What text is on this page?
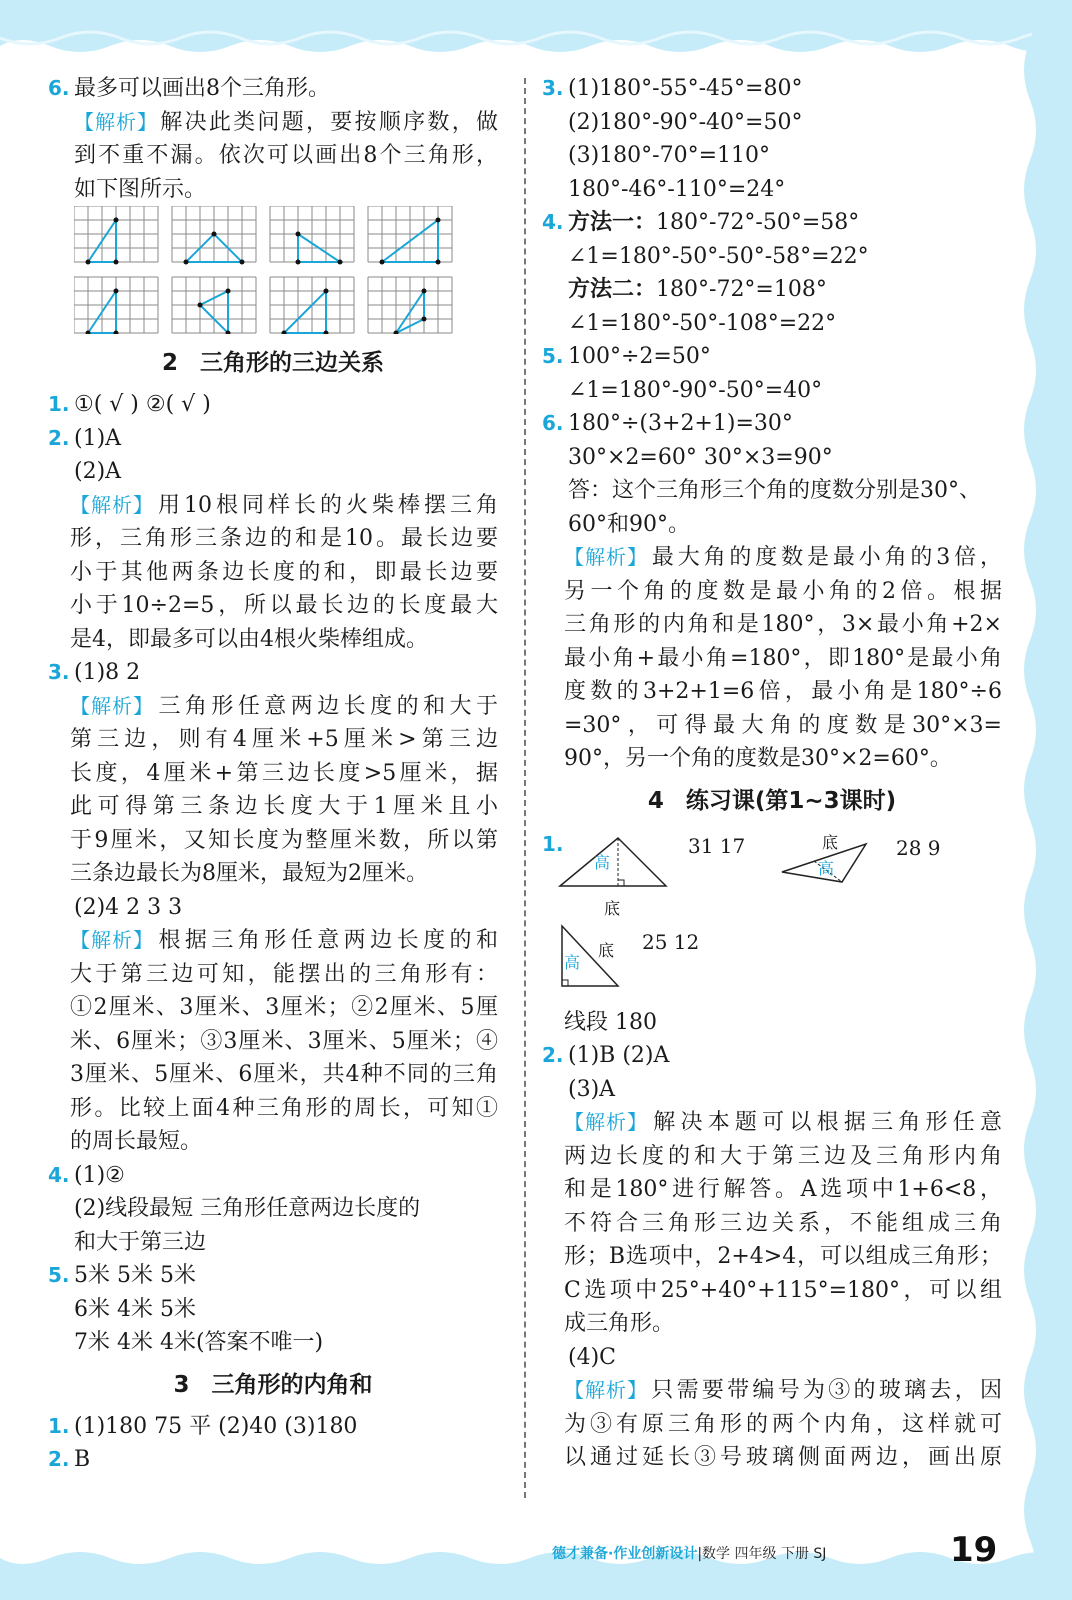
6. 最多可以画出8个三角形。
【解析】解决此类问题，要按顺序数，做
到不重不漏。依次可以画出8个三角形，
如下图所示。
2 三角形的三边关系
1. ①( √ ) ②( √ )
2. (1)A
(2)A
【解析】用10根同样长的火柴棒摆三角
形，三角形三条边的和是10。最长边要
小于其他两条边长度的和，即最长边要
小于10÷2=5，所以最长边的长度最大
是4，即最多可以由4根火柴棒组成。
3. (1)8 2
【解析】三角形任意两边长度的和大于
第三边，则有4厘米+5厘米>第三边
长度，4厘米+第三边长度>5厘米，据
此可得第三条边长度大于1厘米且小
于9厘米，又知长度为整厘米数，所以第
三条边最长为8厘米，最短为2厘米。
(2)4 2 3 3
【解析】根据三角形任意两边长度的和
大于第三边可知，能摆出的三角形有：
①2厘米、3厘米、3厘米；②2厘米、5厘
米、6厘米；③3厘米、3厘米、5厘米；④
3厘米、5厘米、6厘米，共4种不同的三角
形。比较上面4种三角形的周长，可知①
的周长最短。
4. (1)②
(2)线段最短 三角形任意两边长度的
和大于第三边
5. 5米 5米 5米
6米 4米 5米
7米 4米 4米(答案不唯一)
3 三角形的内角和
1. (1)180 75 平 (2)40 (3)180
2. B
3. (1)180°-55°-45°=80°
(2)180°-90°-40°=50°
(3)180°-70°=110°
180°-46°-110°=24°
4. 方法一：180°-72°-50°=58°
∠1=180°-50°-50°-58°=22°
方法二：180°-72°=108°
∠1=180°-50°-108°=22°
5. 100°÷2=50°
∠1=180°-90°-50°=40°
6. 180°÷(3+2+1)=30°
30°×2=60° 30°×3=90°
答：这个三角形三个角的度数分别是30°、
60°和90°。
【解析】最大角的度数是最小角的3倍，
另一个角的度数是最小角的2倍。根据
三角形的内角和是180°，3×最小角+2×
最小角+最小角=180°，即180°是最小角
度数的3+2+1=6倍，最小角是180°÷6
=30°，可得最大角的度数是30°×3=
90°，另一个角的度数是30°×2=60°。
4 练习课(第1~3课时)
1.
高
底
31 17	底
高
28 9
高
底 25 12
线段 180
2. (1)B (2)A
(3)A
【解析】解决本题可以根据三角形任意
两边长度的和大于第三边及三角形内角
和是180°进行解答。A选项中1+6<8，
不符合三角形三边关系，不能组成三角
形；B选项中，2+4>4，可以组成三角形；
C选项中25°+40°+115°=180°，可以组
成三角形。
(4)C
【解析】只需要带编号为③的玻璃去，因
为③有原三角形的两个内角，这样就可
以通过延长③号玻璃侧面两边，画出原
德才兼备·作业创新设计|数学 四年级 下册 SJ	19
